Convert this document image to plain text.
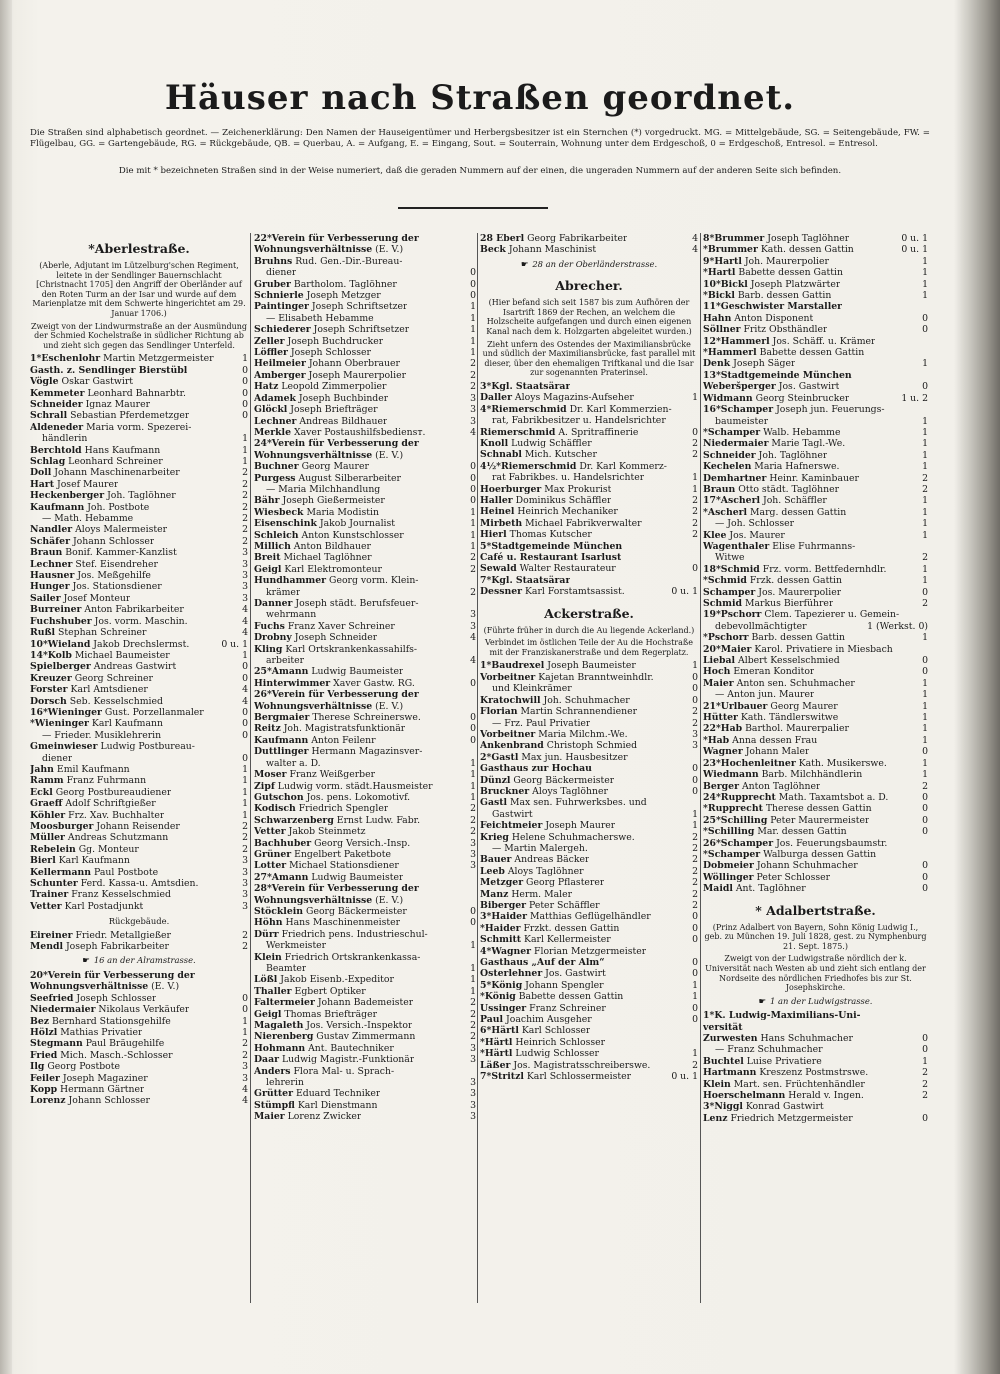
Häuser nach Straßen geordnet.
Die Straßen sind alphabetisch geordnet. — Zeichenerklärung: Den Namen der Hauseigentümer und Herbergsbesitzer ist ein Sternchen (*) vorgedruckt. MG. = Mittelgebäude, SG. = Seitengebäude, FW. = Flügelbau, GG. = Gartengebäude, RG. = Rückgebäude, QB. = Querbau, A. = Aufgang, E. = Eingang, Sout. = Souterrain, Wohnung unter dem Erdgeschoß, 0 = Erdgeschoß, Entresol. = Entresol.
Die mit * bezeichneten Straßen sind in der Weise numeriert, daß die geraden Nummern auf der einen, die ungeraden Nummern auf der anderen Seite sich befinden.
*Aberlestraße.
(Aberle, Adjutant im Lützelburg'schen Regiment, leitete in der Sendlinger Bauernschlacht [Christnacht 1705] den Angriff der Oberländer auf den Roten Turm an der Isar und wurde auf dem Marienplatze mit dem Schwerte hingerichtet am 29. Januar 1706.)
Zweigt von der Lindwurmstraße an der Ausmündung der Schmied Kochelstraße in südlicher Richtung ab und zieht sich gegen das Sendlinger Unterfeld.
1*Eschenlohr Martin Metzgermeister	1
Gasth. z. Sendlinger Bierstübl	0
Vögle Oskar Gastwirt	0
Kemmeter Leonhard Bahnarbtr.	0
Schneider Ignaz Maurer	0
Schrall Sebastian Pferdemetzger	0
Aldeneder Maria vorm. Spezerei-
händlerin	1
Berchtold Hans Kaufmann	1
Schlag Leonhard Schreiner	1
Doll Johann Maschinenarbeiter	2
Hart Josef Maurer	2
Heckenberger Joh. Taglöhner	2
Kaufmann Joh. Postbote	2
— Math. Hebamme	2
Nandler Aloys Malermeister	2
Schäfer Johann Schlosser	2
Braun Bonif. Kammer-Kanzlist	3
Lechner Stef. Eisendreher	3
Hausner Jos. Meßgehilfe	3
Hunger Jos. Stationsdiener	3
Sailer Josef Monteur	3
Burreiner Anton Fabrikarbeiter	4
Fuchshuber Jos. vorm. Maschin.	4
Rußl Stephan Schreiner	4
10*Wieland Jakob Drechslermst.	0 u. 1
14*Kolb Michael Baumeister	1
Spielberger Andreas Gastwirt	0
Kreuzer Georg Schreiner	0
Forster Karl Amtsdiener	4
Dorsch Seb. Kesselschmied	4
16*Wieninger Gust. Porzellanmaler	0
*Wieninger Karl Kaufmann	0
— Frieder. Musiklehrerin	0
Gmeinwieser Ludwig Postbureau-
diener	0
Jahn Emil Kaufmann	1
Ramm Franz Fuhrmann	1
Eckl Georg Postbureaudiener	1
Graeff Adolf Schriftgießer	1
Köhler Frz. Xav. Buchhalter	1
Moosburger Johann Reisender	2
Müller Andreas Schutzmann	2
Rebelein Gg. Monteur	2
Bierl Karl Kaufmann	3
Kellermann Paul Postbote	3
Schunter Ferd. Kassa-u. Amtsdien.	3
Trainer Franz Kesselschmied	3
Vetter Karl Postadjunkt	3
Rückgebäude.
Eireiner Friedr. Metallgießer	2
Mendl Joseph Fabrikarbeiter	2
☛ 16 an der Alramstrasse.
20*Verein für Verbesserung der
Wohnungsverhältnisse (E. V.)
Seefried Joseph Schlosser	0
Niedermaier Nikolaus Verkäufer	0
Bez Bernhard Stationsgehilfe	1
Hölzl Mathias Privatier	1
Stegmann Paul Bräugehilfe	2
Fried Mich. Masch.-Schlosser	2
Ilg Georg Postbote	3
Feiler Joseph Magaziner	3
Kopp Hermann Gärtner	4
Lorenz Johann Schlosser	4
22*Verein für Verbesserung der
Wohnungsverhältnisse (E. V.)
Bruhns Rud. Gen.-Dir.-Bureau-
diener	0
Gruber Bartholom. Taglöhner	0
Schnierle Joseph Metzger	0
Paintinger Joseph Schriftsetzer	1
— Elisabeth Hebamme	1
Schiederer Joseph Schriftsetzer	1
Zeller Joseph Buchdrucker	1
Löffler Joseph Schlosser	1
Heilmeier Johann Oberbrauer	2
Amberger Joseph Maurerpolier	2
Hatz Leopold Zimmerpolier	2
Adamek Joseph Buchbinder	3
Glöckl Joseph Briefträger	3
Lechner Andreas Bildhauer	3
Merkle Xaver Postaushilfsbediensт.	4
24*Verein für Verbesserung der
Wohnungsverhältnisse (E. V.)
Buchner Georg Maurer	0
Purgess August Silberarbeiter	0
— Maria Milchhandlung	0
Bähr Joseph Gießermeister	0
Wiesbeck Maria Modistin	1
Eisenschink Jakob Journalist	1
Schleich Anton Kunstschlosser	1
Millich Anton Bildhauer	1
Breit Michael Taglöhner	2
Geigl Karl Elektromonteur	2
Hundhammer Georg vorm. Klein-
krämer	2
Danner Joseph städt. Berufsfeuer-
wehrmann	3
Fuchs Franz Xaver Schreiner	3
Drobny Joseph Schneider	4
Kling Karl Ortskrankenkassahilfs-
arbeiter	4
25*Amann Ludwig Baumeister
Hinterwimmer Xaver Gastw. RG.	0
26*Verein für Verbesserung der
Wohnungsverhältnisse (E. V.)
Bergmaier Therese Schreinerswe.	0
Reitz Joh. Magistratsfunktionär	0
Kaufmann Anton Feilenr	0
Duttlinger Hermann Magazinsver-
walter a. D.	1
Moser Franz Weißgerber	1
Zipf Ludwig vorm. städt.Hausmeister	1
Gutschon Jos. pens. Lokomotivf.	1
Kodisch Friedrich Spengler	2
Schwarzenberg Ernst Ludw. Fabr.	2
Vetter Jakob Steinmetz	2
Bachhuber Georg Versich.-Insp.	3
Grüner Engelbert Paketbote	3
Lotter Michael Stationsdiener	3
27*Amann Ludwig Baumeister
28*Verein für Verbesserung der
Wohnungsverhältnisse (E. V.)
Stöcklein Georg Bäckermeister	0
Höhn Hans Maschinenmeister	0
Dürr Friedrich pens. Industrieschul-
Werkmeister	1
Klein Friedrich Ortskrankenkassa-
Beamter	1
Lößl Jakob Eisenb.-Expeditor	1
Thaller Egbert Optiker	1
Faltermeier Johann Bademeister	2
Geigl Thomas Briefträger	2
Magaleth Jos. Versich.-Inspektor	2
Nierenberg Gustav Zimmermann	2
Hohmann Ant. Bautechniker	3
Daar Ludwig Magistr.-Funktionär	3
Anders Flora Mal- u. Sprach-
lehrerin	3
Grütter Eduard Techniker	3
Stümpfl Karl Dienstmann	3
Maier Lorenz Zwicker	3
28 Eberl Georg Fabrikarbeiter	4
Beck Johann Maschinist	4
☛ 28 an der Oberländerstrasse.
Abrecher.
(Hier befand sich seit 1587 bis zum Aufhören der Isartrift 1869 der Rechen, an welchem die Holzscheite aufgefangen und durch einen eigenen Kanal nach dem k. Holzgarten abgeleitet wurden.)
Zieht unfern des Ostendes der Maximiliansbrücke und südlich der Maximiliansbrücke, fast parallel mit dieser, über den ehemaligen Triftkanal und die Isar zur sogenannten Praterinsel.
3*Kgl. Staatsärar
Daller Aloys Magazins-Aufseher	1
4*Riemerschmid Dr. Karl Kommerzien-
rat, Fabrikbesitzer u. Handelsrichter
Riemerschmid A. Spritraffinerie	0
Knoll Ludwig Schäffler	2
Schnabl Mich. Kutscher	2
4½*Riemerschmid Dr. Karl Kommerz-
rat Fabrikbes. u. Handelsrichter	1
Hoerburger Max Prokurist	1
Haller Dominikus Schäffler	2
Heinel Heinrich Mechaniker	2
Mirbeth Michael Fabrikverwalter	2
Hierl Thomas Kutscher	2
5*Stadtgemeinde München
Café u. Restaurant Isarlust
Sewald Walter Restaurateur	0
7*Kgl. Staatsärar
Dessner Karl Forstamtsassist.	0 u. 1
Ackerstraße.
(Führte früher in durch die Au liegende Ackerland.)
Verbindet im östlichen Teile der Au die Hochstraße mit der Franziskanerstraße und dem Regerplatz.
1*Baudrexel Joseph Baumeister	1
Vorbeitner Kajetan Branntweinhdlr.	0
und Kleinkrämer	0
Kratochwill Joh. Schuhmacher	0
Florian Martin Schrannendiener	2
— Frz. Paul Privatier	2
Vorbeitner Maria Milchm.-We.	3
Ankenbrand Christoph Schmied	3
2*Gastl Max jun. Hausbesitzer
Gasthaus zur Hochau	0
Dünzl Georg Bäckermeister	0
Bruckner Aloys Taglöhner	0
Gastl Max sen. Fuhrwerksbes. und
Gastwirt	1
Feichtmeier Joseph Maurer	1
Krieg Helene Schuhmacherswe.	2
— Martin Malergeh.	2
Bauer Andreas Bäcker	2
Leeb Aloys Taglöhner	2
Metzger Georg Pflasterer	2
Manz Herm. Maler	2
Biberger Peter Schäffler	2
3*Haider Matthias Geflügelhändler	0
*Haider Frzkt. dessen Gattin	0
Schmitt Karl Kellermeister	0
4*Wagner Florian Metzgermeister
Gasthaus „Auf der Alm“	0
Osterlehner Jos. Gastwirt	0
5*König Johann Spengler	1
*König Babette dessen Gattin	1
Ussinger Franz Schreiner	0
Paul Joachim Ausgeher	0
6*Härtl Karl Schlosser
*Härtl Heinrich Schlosser
*Härtl Ludwig Schlosser	1
Läßer Jos. Magistratsschreiberswe.	2
7*Stritzl Karl Schlossermeister	0 u. 1
8*Brummer Joseph Taglöhner	0 u. 1
*Brummer Kath. dessen Gattin	0 u. 1
9*Hartl Joh. Maurerpolier	1
*Hartl Babette dessen Gattin	1
10*Bickl Joseph Platzwärter	1
*Bickl Barb. dessen Gattin	1
11*Geschwister Marstaller
Hahn Anton Disponent	0
Söllner Fritz Obsthändler	0
12*Hammerl Jos. Schäff. u. Krämer
*Hammerl Babette dessen Gattin
Denk Joseph Säger	1
13*Stadtgemeinde München
Weberšperger Jos. Gastwirt	0
Widmann Georg Steinbrucker	1 u. 2
16*Schamper Joseph jun. Feuerungs-
baumeister	1
*Schamper Walb. Hebamme	1
Niedermaier Marie Tagl.-We.	1
Schneider Joh. Taglöhner	1
Kechelen Maria Hafnerswe.	1
Demhartner Heinr. Kaminbauer	2
Braun Otto städt. Taglöhner	2
17*Ascherl Joh. Schäffler	1
*Ascherl Marg. dessen Gattin	1
— Joh. Schlosser	1
Klee Jos. Maurer	1
Wagenthaler Elise Fuhrmanns-
Witwe	2
18*Schmid Frz. vorm. Bettfedernhdlr.	1
*Schmid Frzk. dessen Gattin	1
Schamper Jos. Maurerpolier	0
Schmid Markus Bierführer	2
19*Pschorr Clem. Tapezierer u. Gemein-
debevollmächtigter	1 (Werkst. 0)
*Pschorr Barb. dessen Gattin	1
20*Maier Karol. Privatiere in Miesbach
Liebal Albert Kesselschmied	0
Hoch Emeran Konditor	0
Maier Anton sen. Schuhmacher	1
— Anton jun. Maurer	1
21*Urlbauer Georg Maurer	1
Hütter Kath. Tändlerswitwe	1
22*Hab Barthol. Maurerpalier	1
*Hab Anna dessen Frau	1
Wagner Johann Maler	0
23*Hochenleitner Kath. Musikerswe.	1
Wiedmann Barb. Milchhändlerin	1
Berger Anton Taglöhner	2
24*Rupprecht Math. Taxamtsbot a. D.	0
*Rupprecht Therese dessen Gattin	0
25*Schilling Peter Maurermeister	0
*Schilling Mar. dessen Gattin	0
26*Schamper Jos. Feuerungsbaumstr.
*Schamper Walburga dessen Gattin
Dobmeier Johann Schuhmacher	0
Wöllinger Peter Schlosser	0
Maidl Ant. Taglöhner	0
* Adalbertstraße.
(Prinz Adalbert von Bayern, Sohn König Ludwig I., geb. zu München 19. Juli 1828, gest. zu Nymphenburg 21. Sept. 1875.)
Zweigt von der Ludwigstraße nördlich der k. Universität nach Westen ab und zieht sich entlang der Nordseite des nördlichen Friedhofes bis zur St. Josephskirche.
☛ 1 an der Ludwigstrasse.
1*K. Ludwig-Maximilians-Uni-
versität
Zurwesten Hans Schuhmacher	0
— Franz Schuhmacher	0
Buchtel Luise Privatiere	1
Hartmann Kreszenz Postmstrswe.	2
Klein Mart. sen. Früchtenhändler	2
Hoerschelmann Herald v. Ingen.	2
3*Niggl Konrad Gastwirt
Lenz Friedrich Metzgermeister	0
